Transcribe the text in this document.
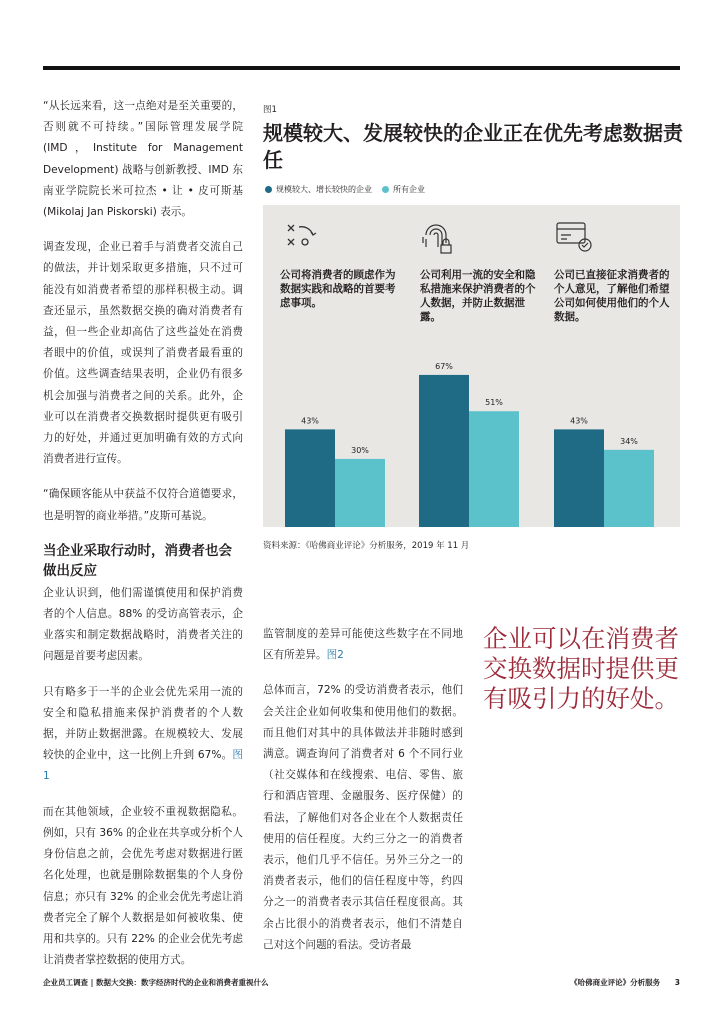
“从长远来看，这一点绝对是至关重要的，否则就不可持续。”国际管理发展学院 (IMD，Institute for Management Development) 战略与创新教授、IMD 东南亚学院院长米可拉杰 • 让 • 皮可斯基 (Mikolaj Jan Piskorski) 表示。

调查发现，企业已着手与消费者交流自己的做法，并计划采取更多措施，只不过可能没有如消费者希望的那样积极主动。调查还显示，虽然数据交换的确对消费者有益，但一些企业却高估了这些益处在消费者眼中的价值，或误判了消费者最看重的价值。这些调查结果表明，企业仍有很多机会加强与消费者之间的关系。此外，企业可以在消费者交换数据时提供更有吸引力的好处，并通过更加明确有效的方式向消费者进行宣传。

“确保顾客能从中获益不仅符合道德要求，也是明智的商业举措。”皮斯可基说。

当企业采取行动时，消费者也会做出反应

企业认识到，他们需谨慎使用和保护消费者的个人信息。88% 的受访高管表示，企业落实和制定数据战略时，消费者关注的问题是首要考虑因素。

只有略多于一半的企业会优先采用一流的安全和隐私措施来保护消费者的个人数据，并防止数据泄露。在规模较大、发展较快的企业中，这一比例上升到 67%。图1

而在其他领域，企业较不重视数据隐私。例如，只有 36% 的企业在共享或分析个人身份信息之前，会优先考虑对数据进行匿名化处理，也就是删除数据集的个人身份信息；亦只有 32% 的企业会优先考虑让消费者完全了解个人数据是如何被收集、使用和共享的。只有 22% 的企业会优先考虑让消费者掌控数据的使用方式。

图1
规模较大、发展较快的企业正在优先考虑数据责任
规模较大、增长较快的企业	所有企业
43%
67%
43%
30%
51%
34%
公司将消费者的顾虑作为数据实践和战略的首要考虑事项。
公司利用一流的安全和隐私措施来保护消费者的个人数据，并防止数据泄露。
公司已直接征求消费者的个人意见，了解他们希望公司如何使用他们的个人数据。
资料来源：《哈佛商业评论》分析服务，2019 年 11 月

监管制度的差异可能使这些数字在不同地区有所差异。图2

总体而言，72% 的受访消费者表示，他们会关注企业如何收集和使用他们的数据。而且他们对其中的具体做法并非随时感到满意。调查询问了消费者对 6 个不同行业（社交媒体和在线搜索、电信、零售、旅行和酒店管理、金融服务、医疗保健）的看法，了解他们对各企业在个人数据责任使用的信任程度。大约三分之一的消费者表示，他们几乎不信任。另外三分之一的消费者表示，他们的信任程度中等，约四分之一的消费者表示其信任程度很高。其余占比很小的消费者表示，他们不清楚自己对这个问题的看法。受访者最

企业可以在消费者交换数据时提供更有吸引力的好处。
企业员工调查 | 数据大交换：数字经济时代的企业和消费者重视什么	《哈佛商业评论》分析服务 3
